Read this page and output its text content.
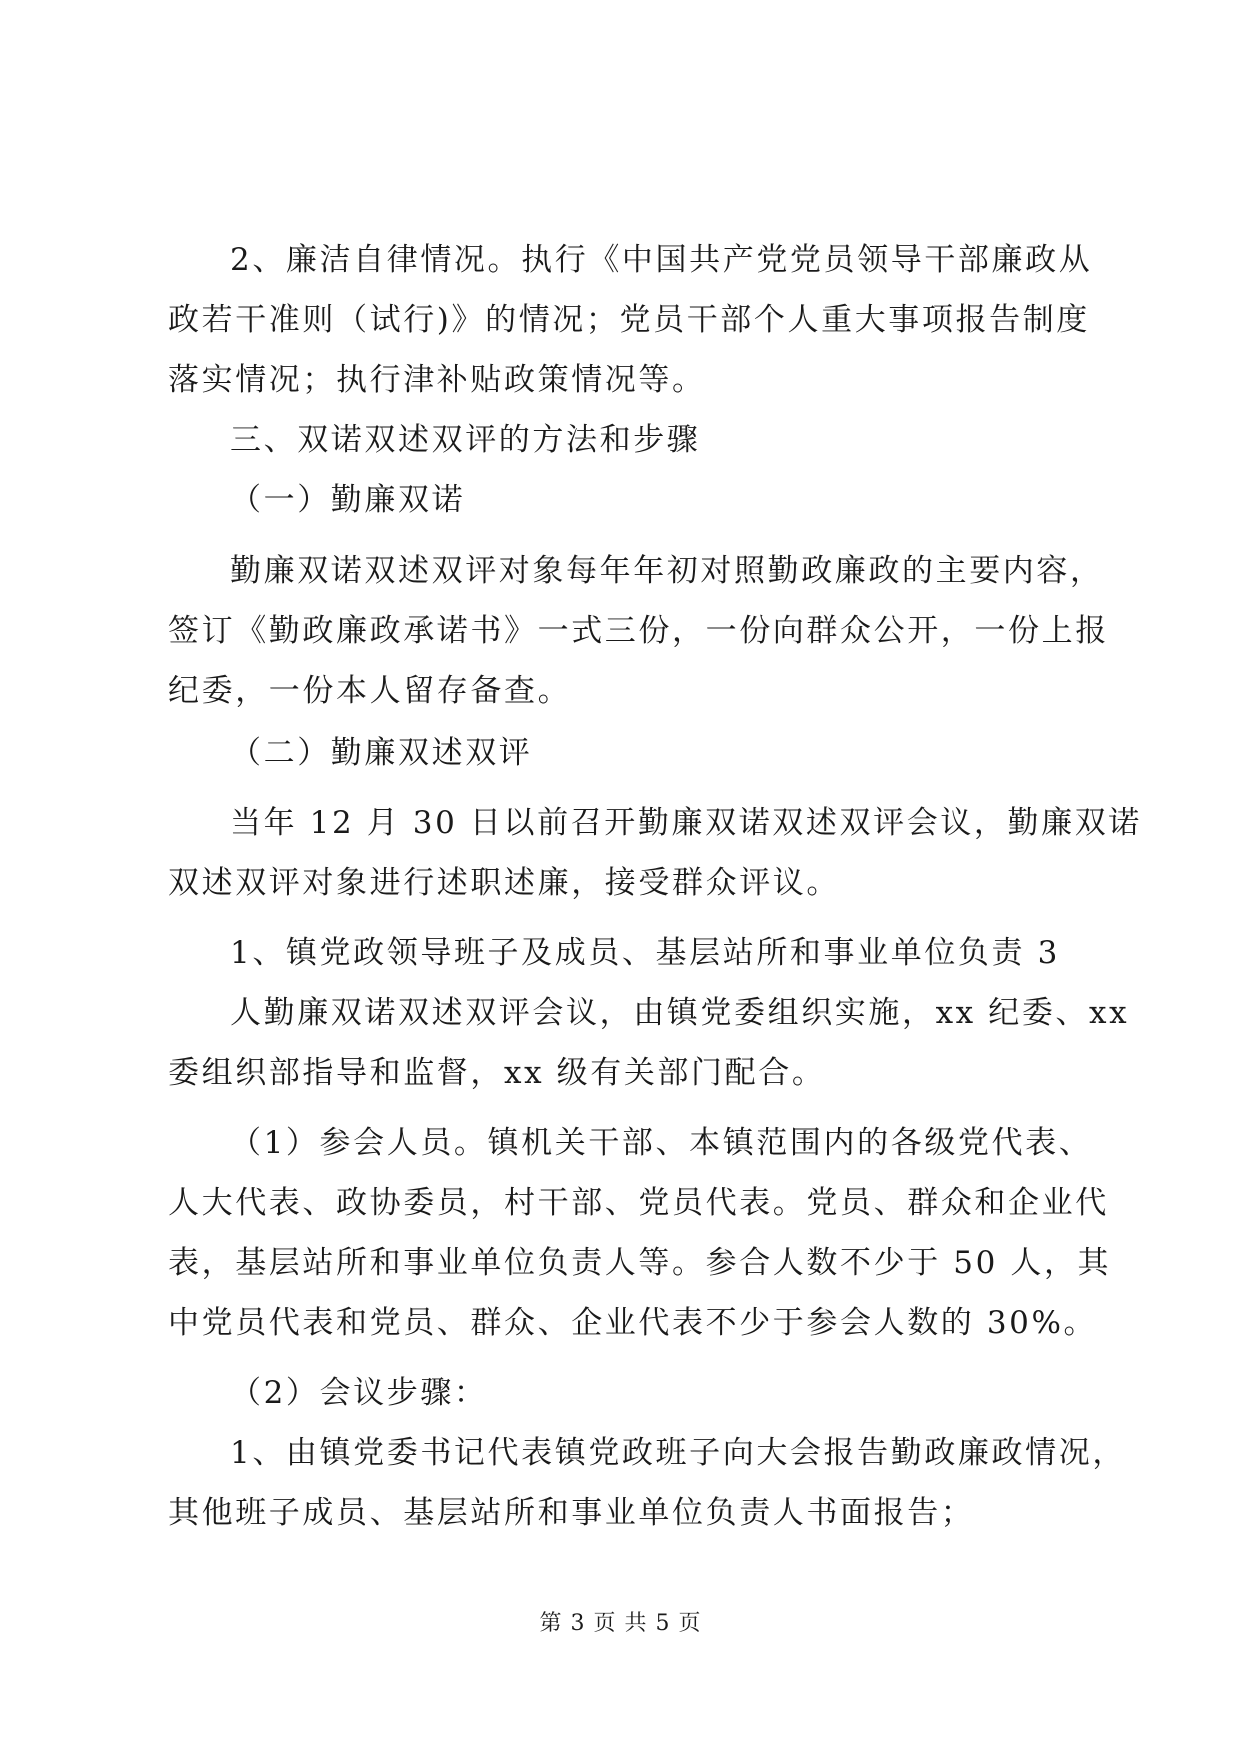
2、廉洁自律情况。执行《中国共产党党员领导干部廉政从
政若干准则（试行)》的情况；党员干部个人重大事项报告制度
落实情况；执行津补贴政策情况等。
三、双诺双述双评的方法和步骤
（一）勤廉双诺
勤廉双诺双述双评对象每年年初对照勤政廉政的主要内容，
签订《勤政廉政承诺书》一式三份，一份向群众公开，一份上报
纪委，一份本人留存备查。
（二）勤廉双述双评
当年 12 月 30 日以前召开勤廉双诺双述双评会议，勤廉双诺
双述双评对象进行述职述廉，接受群众评议。
1、镇党政领导班子及成员、基层站所和事业单位负责 3
人勤廉双诺双述双评会议，由镇党委组织实施，xx 纪委、xx
委组织部指导和监督，xx 级有关部门配合。
（1）参会人员。镇机关干部、本镇范围内的各级党代表、
人大代表、政协委员，村干部、党员代表。党员、群众和企业代
表，基层站所和事业单位负责人等。参合人数不少于 50 人，其
中党员代表和党员、群众、企业代表不少于参会人数的 30%。
（2）会议步骤：
1、由镇党委书记代表镇党政班子向大会报告勤政廉政情况，
其他班子成员、基层站所和事业单位负责人书面报告；
第 3 页 共 5 页
